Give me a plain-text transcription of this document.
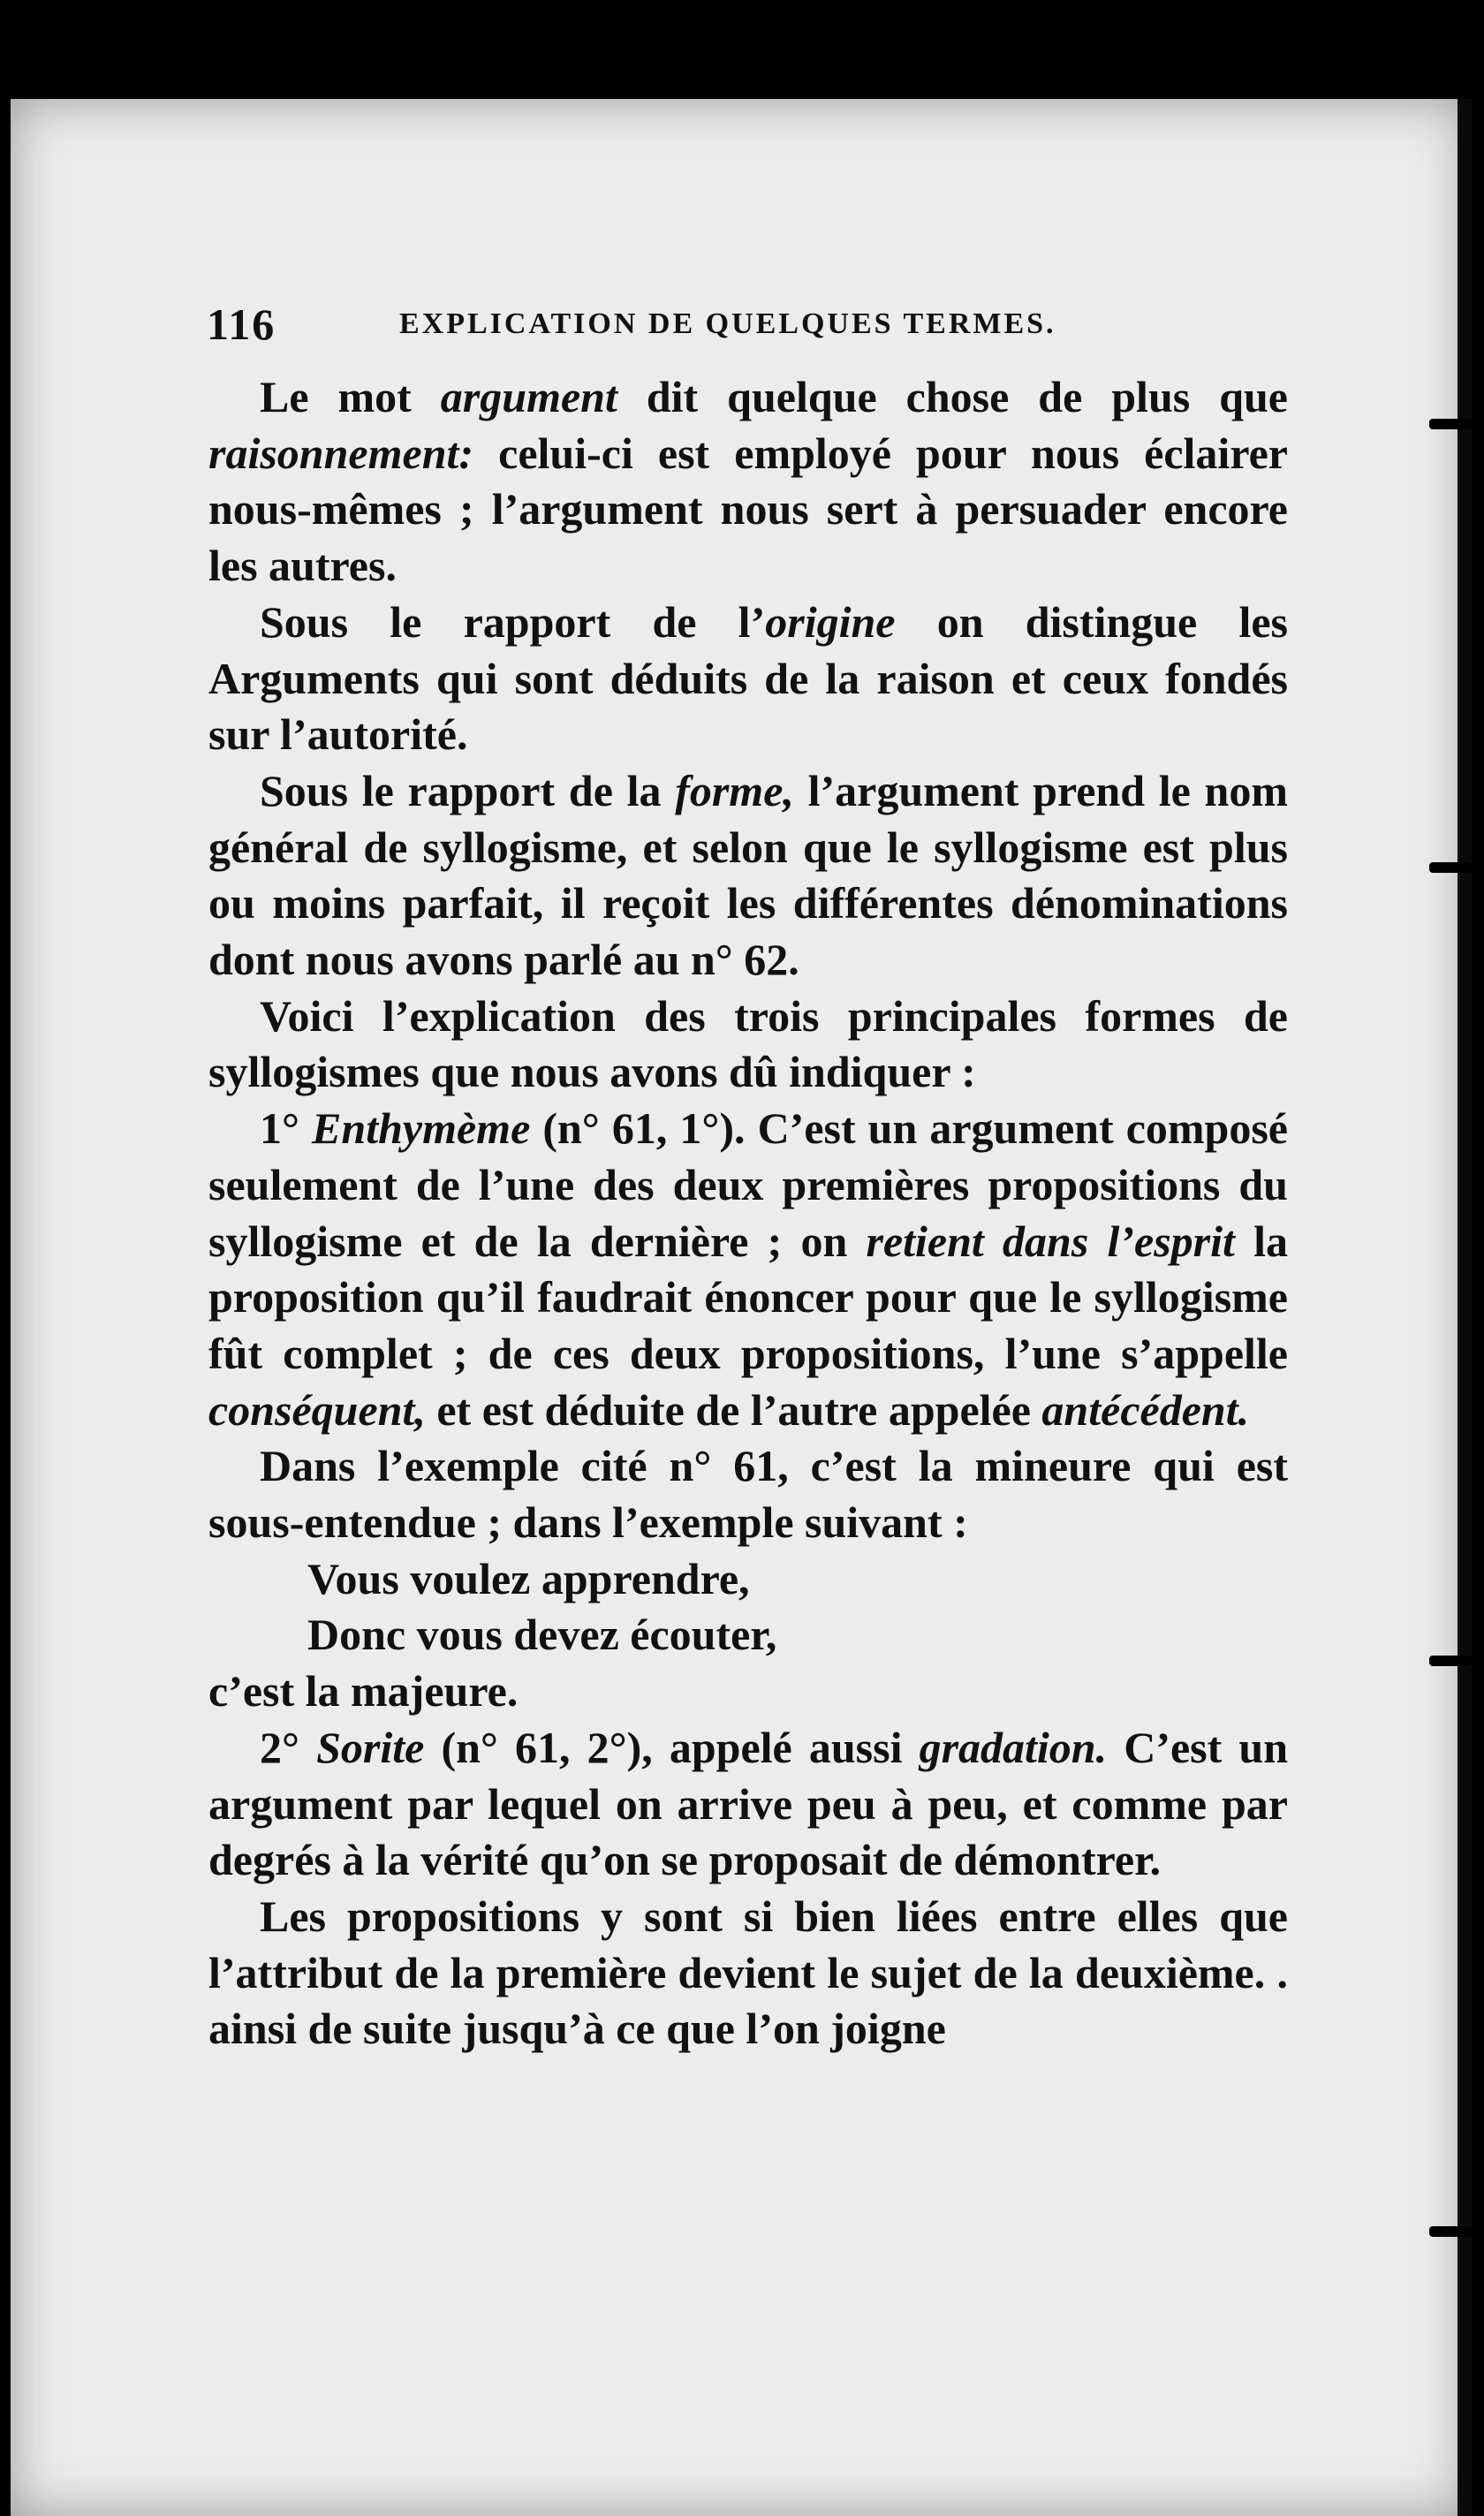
116	EXPLICATION DE QUELQUES TERMES.

Le mot argument dit quelque chose de plus que raisonnement: celui-ci est employé pour nous éclairer nous-mêmes ; l’argument nous sert à persuader encore les autres.

Sous le rapport de l’origine on distingue les Arguments qui sont déduits de la raison et ceux fondés sur l’autorité.

Sous le rapport de la forme, l’argument prend le nom général de syllogisme, et selon que le syllogisme est plus ou moins parfait, il reçoit les différentes dénominations dont nous avons parlé au n° 62.

Voici l’explication des trois principales formes de syllogismes que nous avons dû indiquer :

1° Enthymème (n° 61, 1°). C’est un argument composé seulement de l’une des deux premières propositions du syllogisme et de la dernière ; on retient dans l’esprit la proposition qu’il faudrait énoncer pour que le syllogisme fût complet ; de ces deux propositions, l’une s’appelle conséquent, et est déduite de l’autre appelée antécédent.

Dans l’exemple cité n° 61, c’est la mineure qui est sous-entendue ; dans l’exemple suivant :

Vous voulez apprendre,

Donc vous devez écouter,

c’est la majeure.

2° Sorite (n° 61, 2°), appelé aussi gradation. C’est un argument par lequel on arrive peu à peu, et comme par degrés à la vérité qu’on se proposait de démontrer.

Les propositions y sont si bien liées entre elles que l’attribut de la première devient le sujet de la deuxième. . ainsi de suite jusqu’à ce que l’on joigne
